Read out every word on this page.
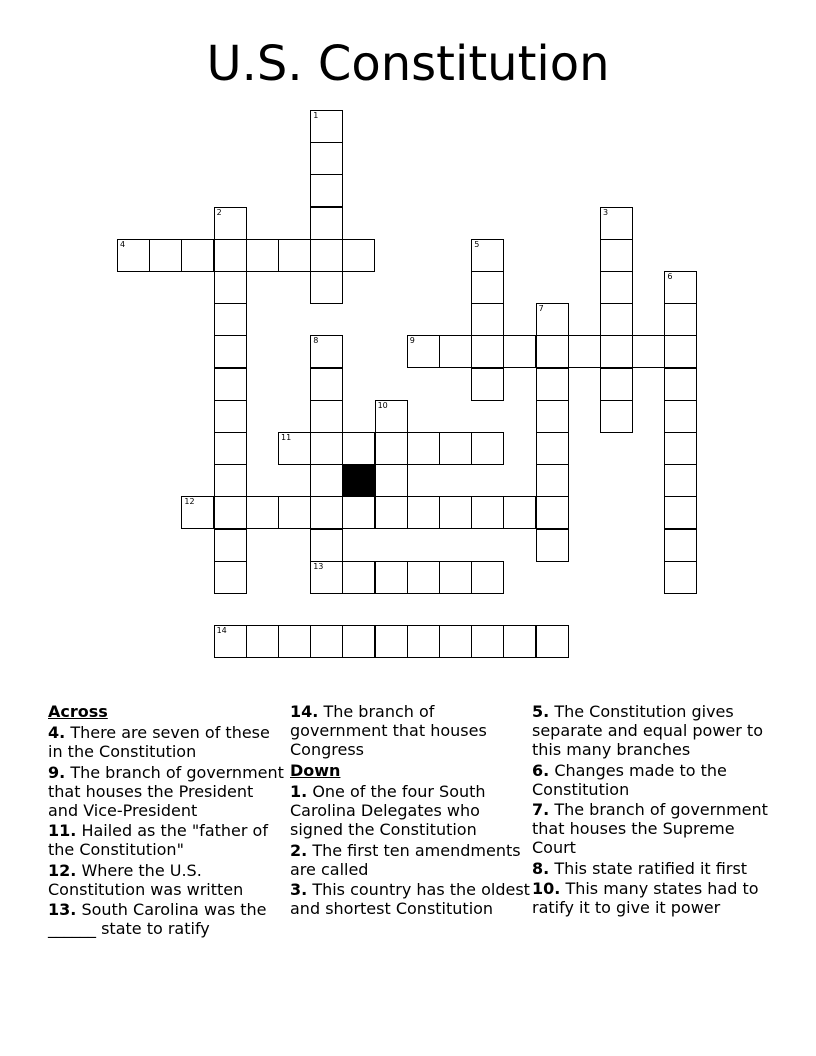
U.S. Constitution
4
12
14
13
1
2	3
5
6
7
9
8
10
11
Across
4. There are seven of these in the Constitution
9. The branch of government that houses the President and Vice-President
11. Hailed as the "father of the Constitution"
12. Where the U.S. Constitution was written
13. South Carolina was the ______ state to ratify
14. The branch of government that houses Congress
Down
1. One of the four South Carolina Delegates who signed the Constitution
2. The first ten amendments are called
3. This country has the oldest and shortest Constitution
5. The Constitution gives separate and equal power to this many branches
6. Changes made to the Constitution
7. The branch of government that houses the Supreme Court
8. This state ratified it first
10. This many states had to ratify it to give it power
